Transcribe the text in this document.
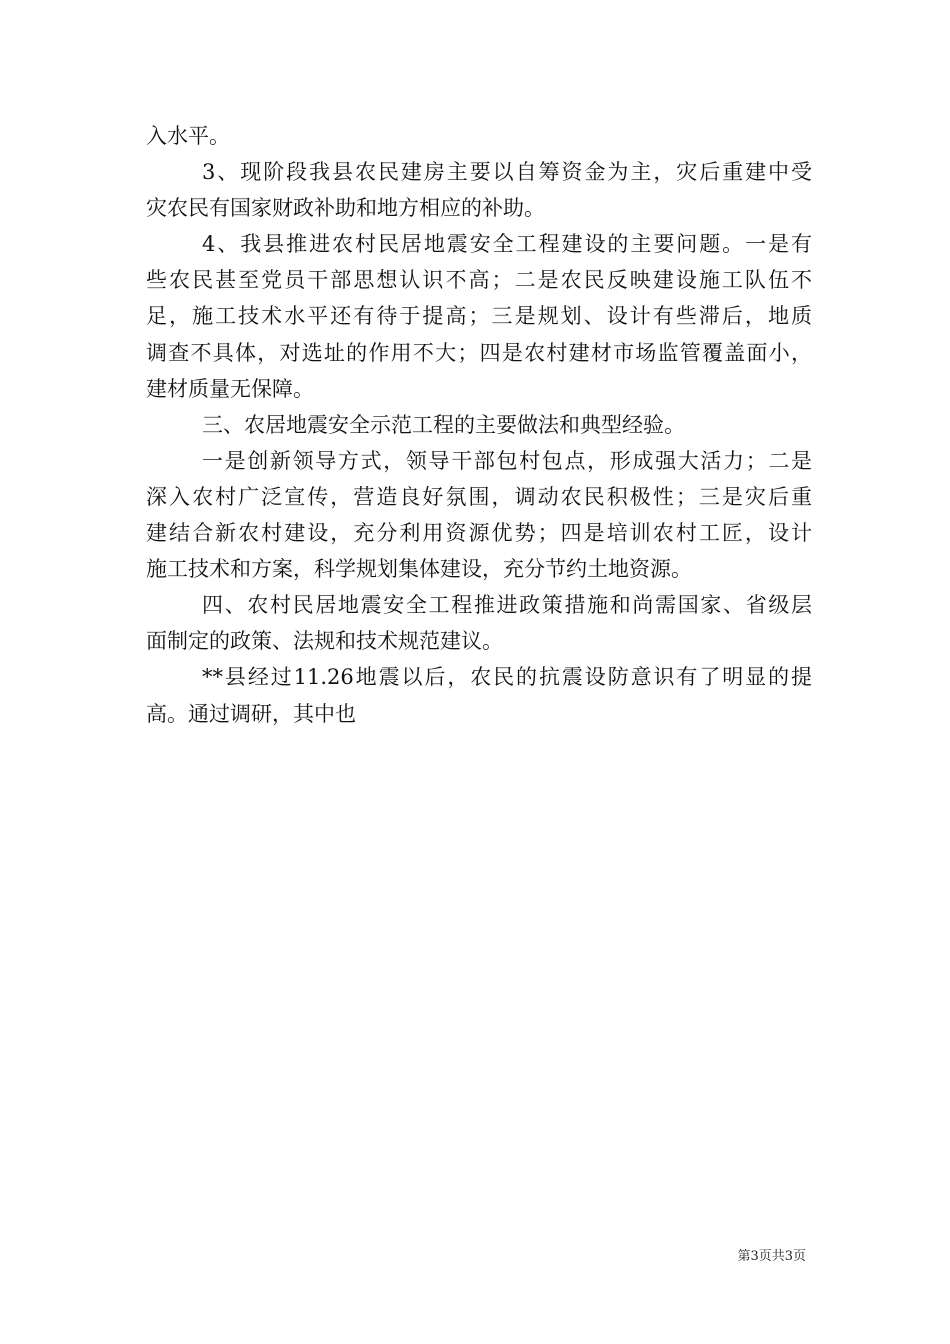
入水平。
3、现阶段我县农民建房主要以自筹资金为主，灾后重建中受
灾农民有国家财政补助和地方相应的补助。
4、我县推进农村民居地震安全工程建设的主要问题。一是有
些农民甚至党员干部思想认识不高；二是农民反映建设施工队伍不
足，施工技术水平还有待于提高；三是规划、设计有些滞后，地质
调查不具体，对选址的作用不大；四是农村建材市场监管覆盖面小，
建材质量无保障。
三、农居地震安全示范工程的主要做法和典型经验。
一是创新领导方式，领导干部包村包点，形成强大活力；二是
深入农村广泛宣传，营造良好氛围，调动农民积极性；三是灾后重
建结合新农村建设，充分利用资源优势；四是培训农村工匠，设计
施工技术和方案，科学规划集体建设，充分节约土地资源。
四、农村民居地震安全工程推进政策措施和尚需国家、省级层
面制定的政策、法规和技术规范建议。
**县经过11.26地震以后，农民的抗震设防意识有了明显的提
高。通过调研，其中也
第3页共3页
